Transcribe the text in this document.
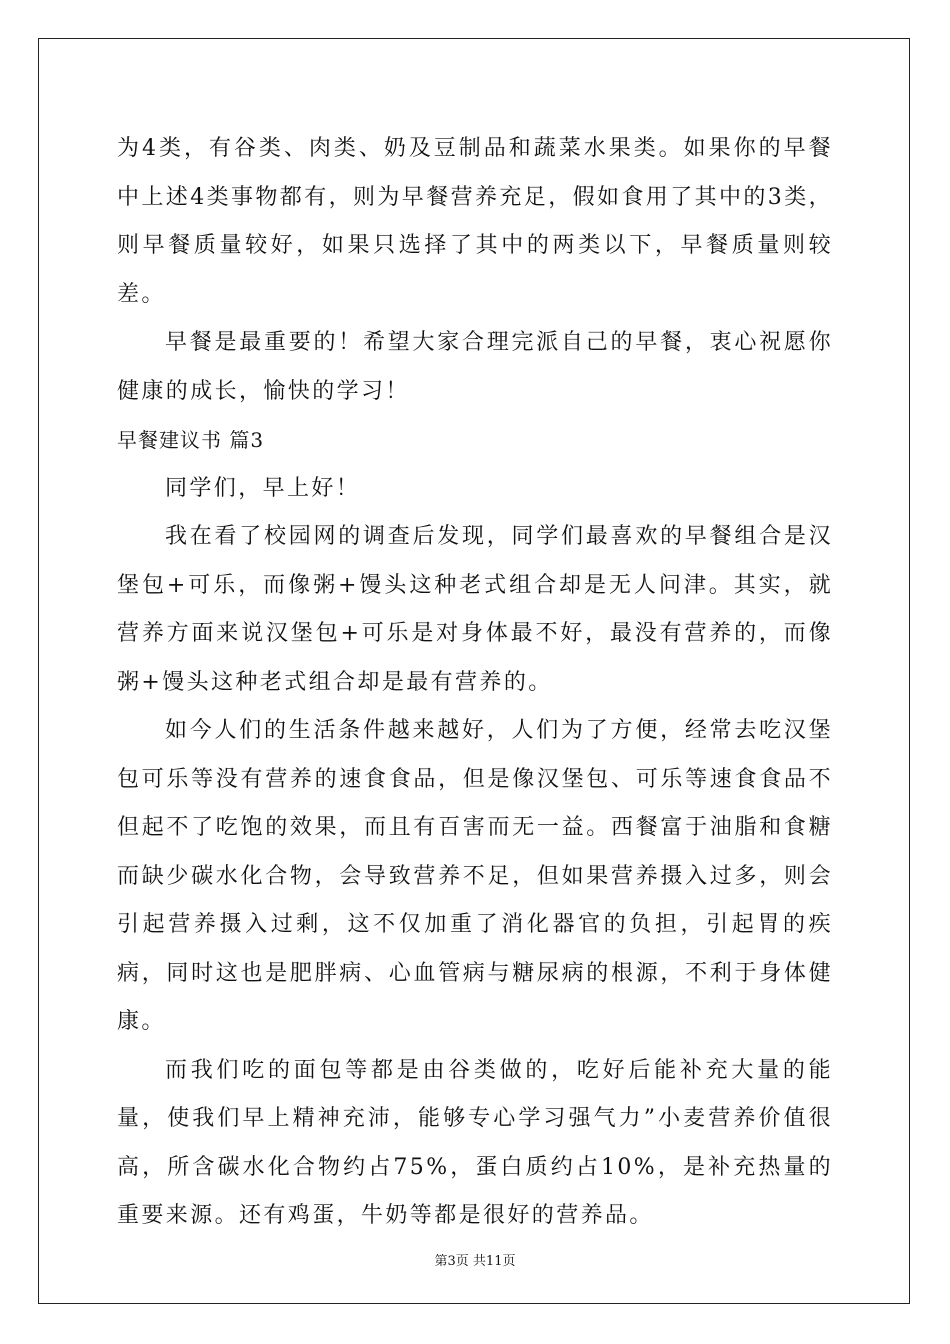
为4类，有谷类、肉类、奶及豆制品和蔬菜水果类。如果你的早餐中上述4类事物都有，则为早餐营养充足，假如食用了其中的3类，则早餐质量较好，如果只选择了其中的两类以下，早餐质量则较差。

早餐是最重要的！希望大家合理完派自己的早餐，衷心祝愿你健康的成长，愉快的学习！

早餐建议书 篇3

同学们，早上好！

我在看了校园网的调查后发现，同学们最喜欢的早餐组合是汉堡包+可乐，而像粥+馒头这种老式组合却是无人问津。其实，就营养方面来说汉堡包+可乐是对身体最不好，最没有营养的，而像粥+馒头这种老式组合却是最有营养的。

如今人们的生活条件越来越好，人们为了方便，经常去吃汉堡包可乐等没有营养的速食食品，但是像汉堡包、可乐等速食食品不但起不了吃饱的效果，而且有百害而无一益。西餐富于油脂和食糖而缺少碳水化合物，会导致营养不足，但如果营养摄入过多，则会引起营养摄入过剩，这不仅加重了消化器官的负担，引起胃的疾病，同时这也是肥胖病、心血管病与糖尿病的根源，不利于身体健康。

而我们吃的面包等都是由谷类做的，吃好后能补充大量的能量，使我们早上精神充沛，能够专心学习强气力”小麦营养价值很高，所含碳水化合物约占75%，蛋白质约占10%，是补充热量的重要来源。还有鸡蛋，牛奶等都是很好的营养品。

第3页 共11页
